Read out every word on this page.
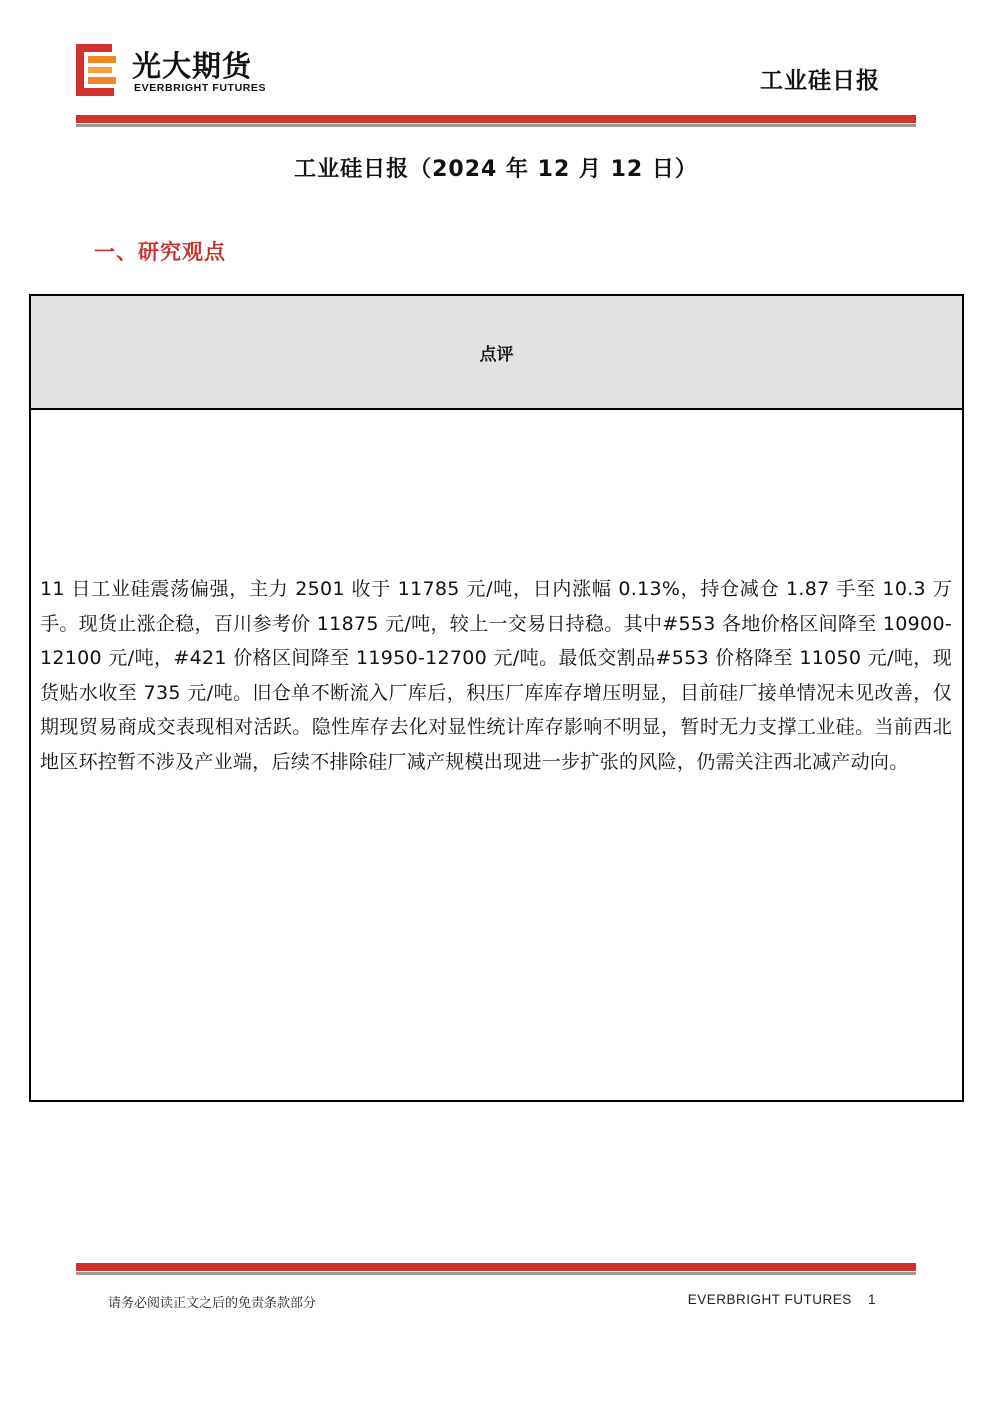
光大期货
EVERBRIGHT FUTURES	工业硅日报
工业硅日报（2024 年 12 月 12 日）
一、研究观点
点评

11 日工业硅震荡偏强，主力 2501 收于 11785 元/吨，日内涨幅 0.13%，持仓减仓 1.87 手至 10.3 万手。现货止涨企稳，百川参考价 11875 元/吨，较上一交易日持稳。其中#553 各地价格区间降至 10900-12100 元/吨，#421 价格区间降至 11950-12700 元/吨。最低交割品#553 价格降至 11050 元/吨，现货贴水收至 735 元/吨。旧仓单不断流入厂库后，积压厂库库存增压明显，目前硅厂接单情况未见改善，仅期现贸易商成交表现相对活跃。隐性库存去化对显性统计库存影响不明显，暂时无力支撑工业硅。当前西北地区环控暂不涉及产业端，后续不排除硅厂减产规模出现进一步扩张的风险，仍需关注西北减产动向。

请务必阅读正文之后的免责条款部分	EVERBRIGHT FUTURES 1
